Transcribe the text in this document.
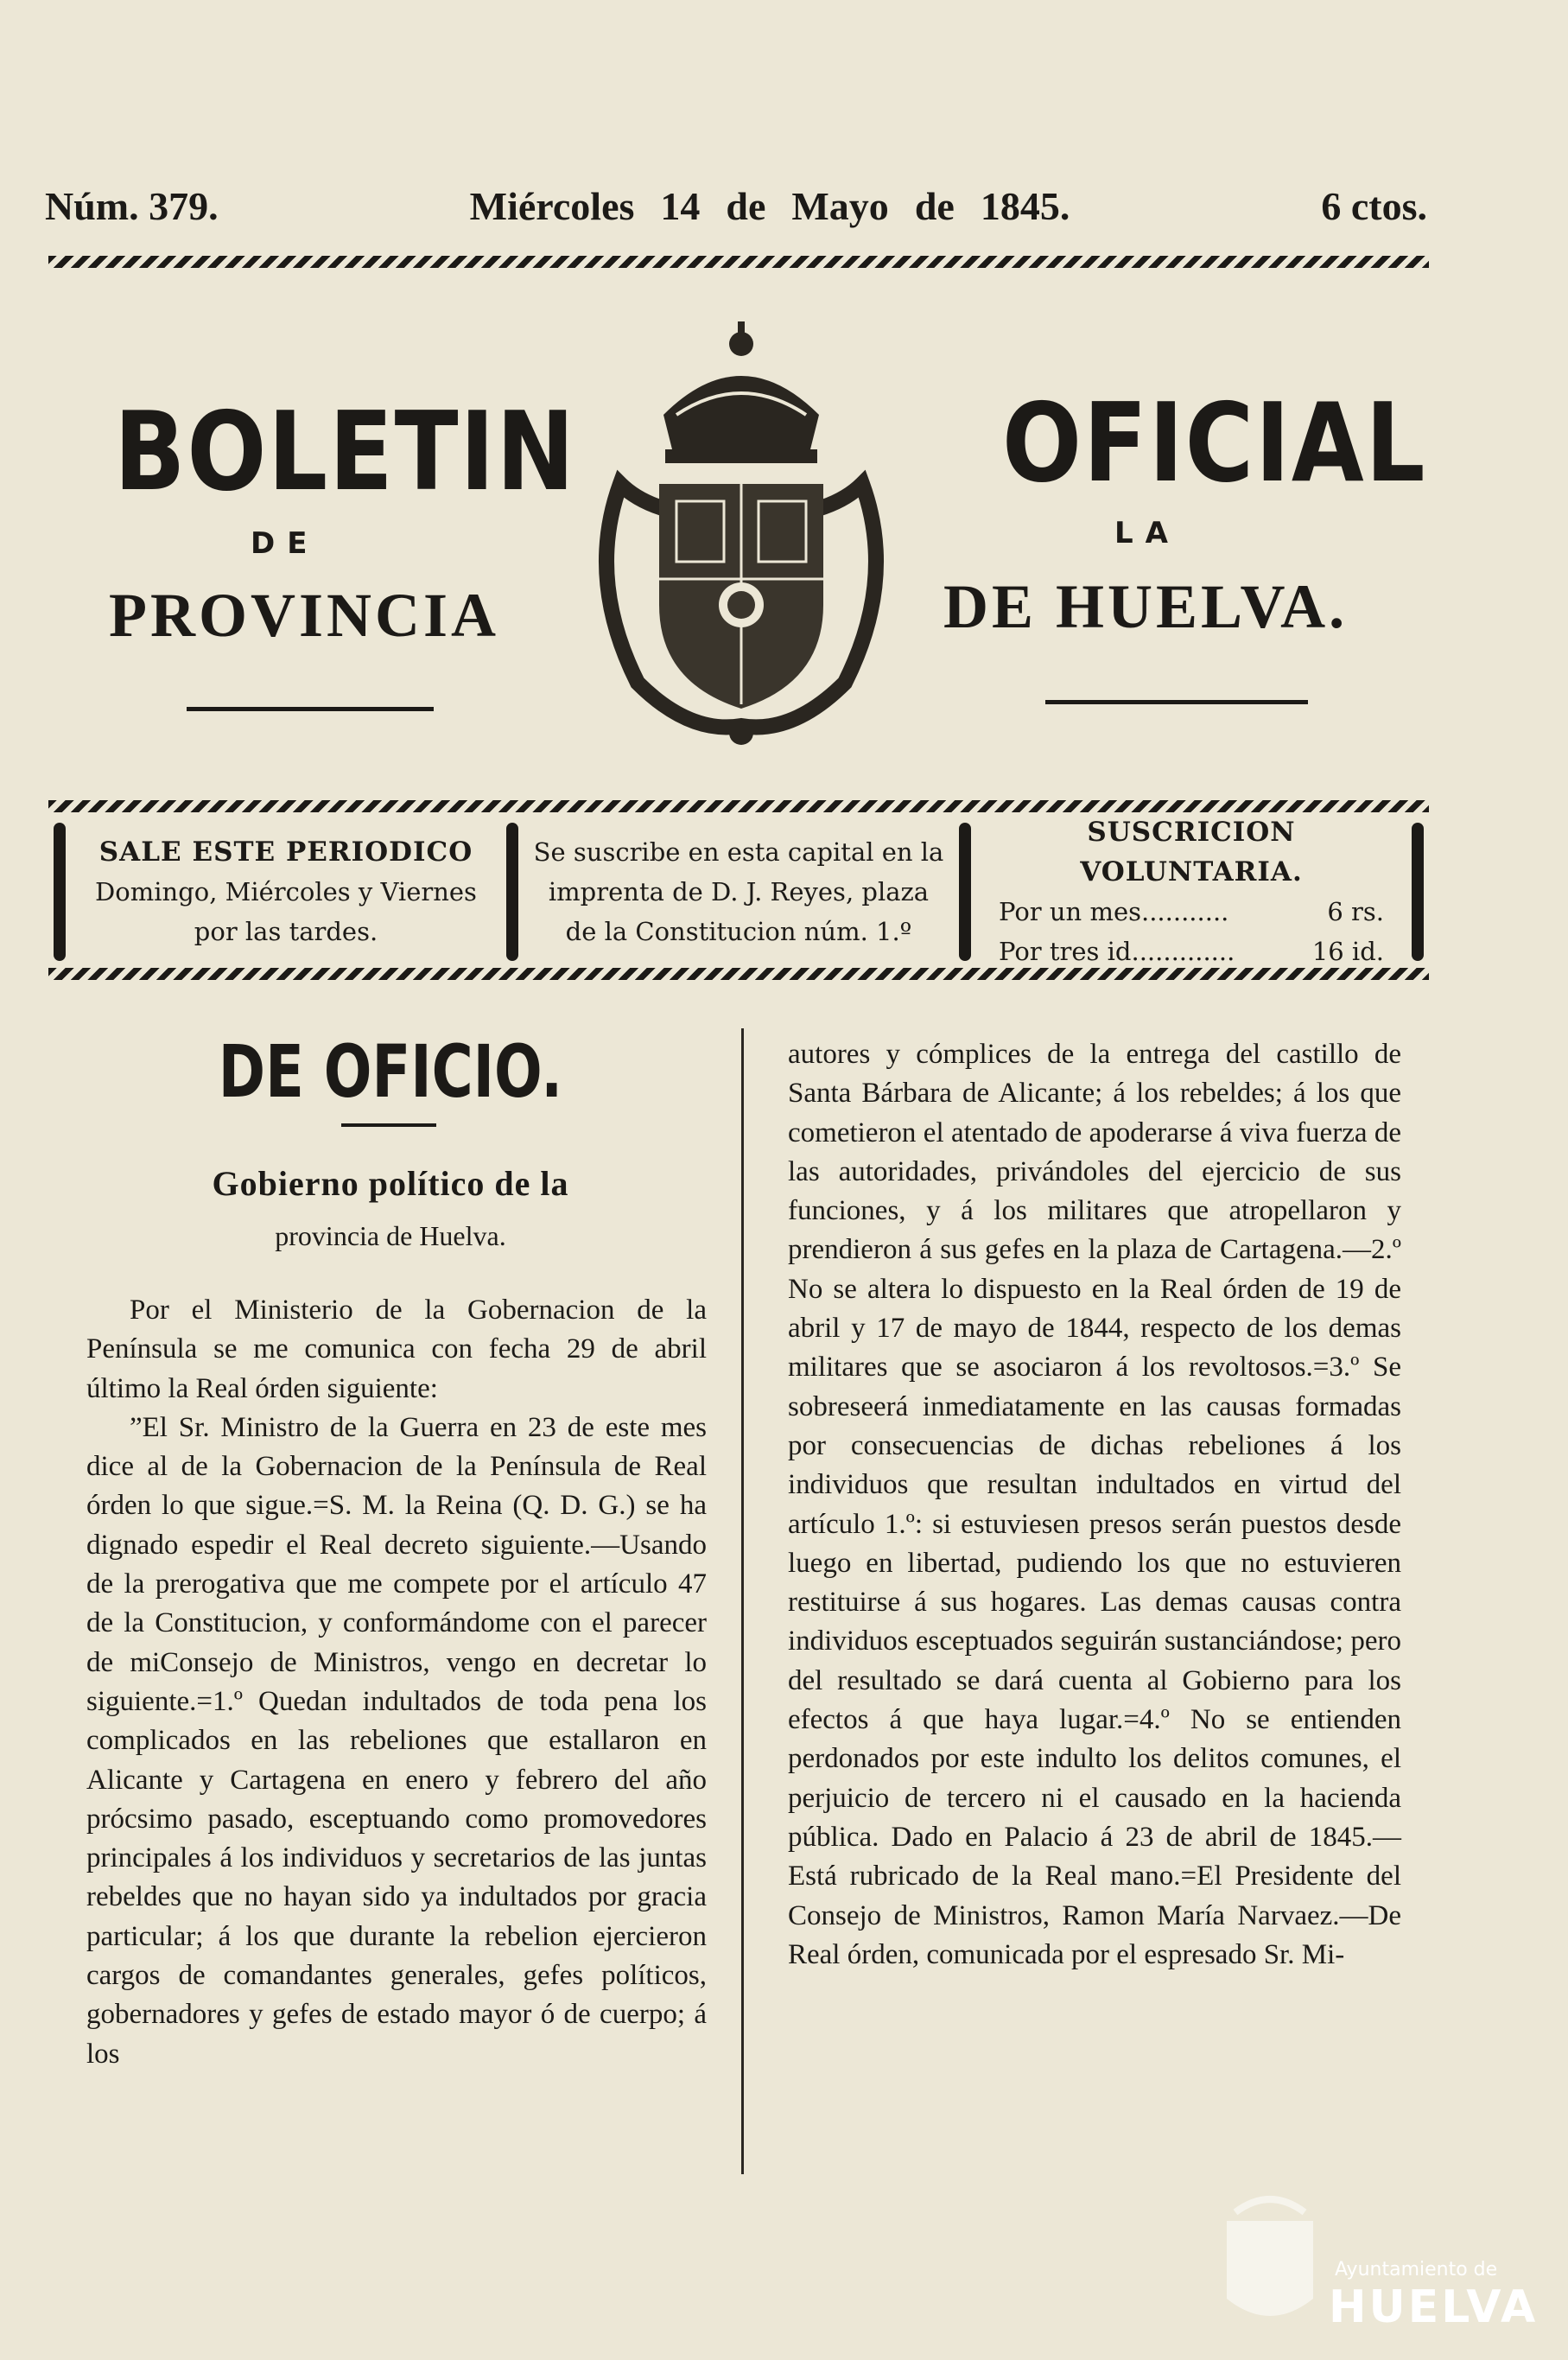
Núm. 379.	Miércoles 14 de Mayo de 1845.	6 ctos.
BOLETIN	OFICIAL
DE	LA
PROVINCIA	DE HUELVA.
SALE ESTE PERIODICO
Domingo, Miércoles y Viernes
por las tardes.
Se suscribe en esta capital en la
imprenta de D. J. Reyes, plaza
de la Constitucion núm. 1.º
SUSCRICION VOLUNTARIA.
Por un mes...........	6 rs.
Por tres id.............	16 id.
DE OFICIO.
Gobierno político de la
provincia de Huelva.

Por el Ministerio de la Gobernacion de la Península se me comunica con fecha 29 de abril último la Real órden siguiente:

”El Sr. Ministro de la Guerra en 23 de este mes dice al de la Gobernacion de la Península de Real órden lo que sigue.=S. M. la Reina (Q. D. G.) se ha dignado espedir el Real decreto siguiente.—Usando de la prerogativa que me compete por el artículo 47 de la Constitucion, y conformándome con el parecer de miConsejo de Ministros, vengo en decretar lo siguiente.=1.º Quedan indultados de toda pena los complicados en las rebeliones que estallaron en Alicante y Cartagena en enero y febrero del año prócsimo pasado, esceptuando como promovedores principales á los individuos y secretarios de las juntas rebeldes que no hayan sido ya indultados por gracia particular; á los que durante la rebelion ejercieron cargos de comandantes generales, gefes políticos, gobernadores y gefes de estado mayor ó de cuerpo; á los

autores y cómplices de la entrega del castillo de Santa Bárbara de Alicante; á los rebeldes; á los que cometieron el atentado de apoderarse á viva fuerza de las autoridades, privándoles del ejercicio de sus funciones, y á los militares que atropellaron y prendieron á sus gefes en la plaza de Cartagena.—2.º No se altera lo dispuesto en la Real órden de 19 de abril y 17 de mayo de 1844, respecto de los demas militares que se asociaron á los revoltosos.=3.º Se sobreseerá inmediatamente en las causas formadas por consecuencias de dichas rebeliones á los individuos que resultan indultados en virtud del artículo 1.º: si estuviesen presos serán puestos desde luego en libertad, pudiendo los que no estuvieren restituirse á sus hogares. Las demas causas contra individuos esceptuados seguirán sustanciándose; pero del resultado se dará cuenta al Gobierno para los efectos á que haya lugar.=4.º No se entienden perdonados por este indulto los delitos comunes, el perjuicio de tercero ni el causado en la hacienda pública. Dado en Palacio á 23 de abril de 1845.—Está rubricado de la Real mano.=El Presidente del Consejo de Ministros, Ramon María Narvaez.—De Real órden, comunicada por el espresado Sr. Mi-

Ayuntamiento de
HUELVA
